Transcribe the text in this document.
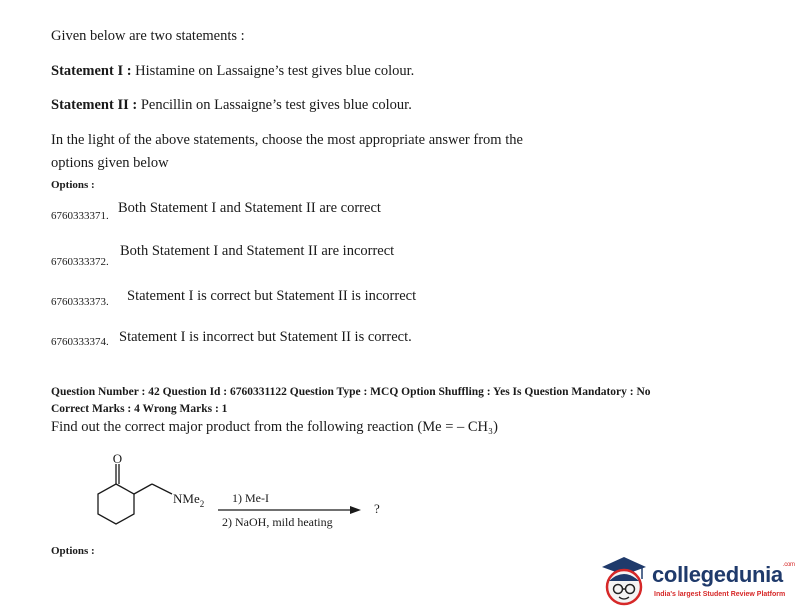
Given below are two statements :
Statement I : Histamine on Lassaigne’s test gives blue colour.
Statement II : Pencillin on Lassaigne’s test gives blue colour.
In the light of the above statements, choose the most appropriate answer from the
options given below
Options :
6760333371. Both Statement I and Statement II are correct
6760333372.
Both Statement I and Statement II are incorrect
6760333373. Statement I is correct but Statement II is incorrect
6760333374. Statement I is incorrect but Statement II is correct.
Question Number : 42 Question Id : 6760331122 Question Type : MCQ Option Shuffling : Yes Is Question Mandatory : No
Correct Marks : 4 Wrong Marks : 1
Find out the correct major product from the following reaction (Me = – CH₃)
O
NMe$_2$ 1) Me-I
2) NaOH, mild heating
?
Options :
collegedunia$^{.com}$
India's largest Student Review Platform
